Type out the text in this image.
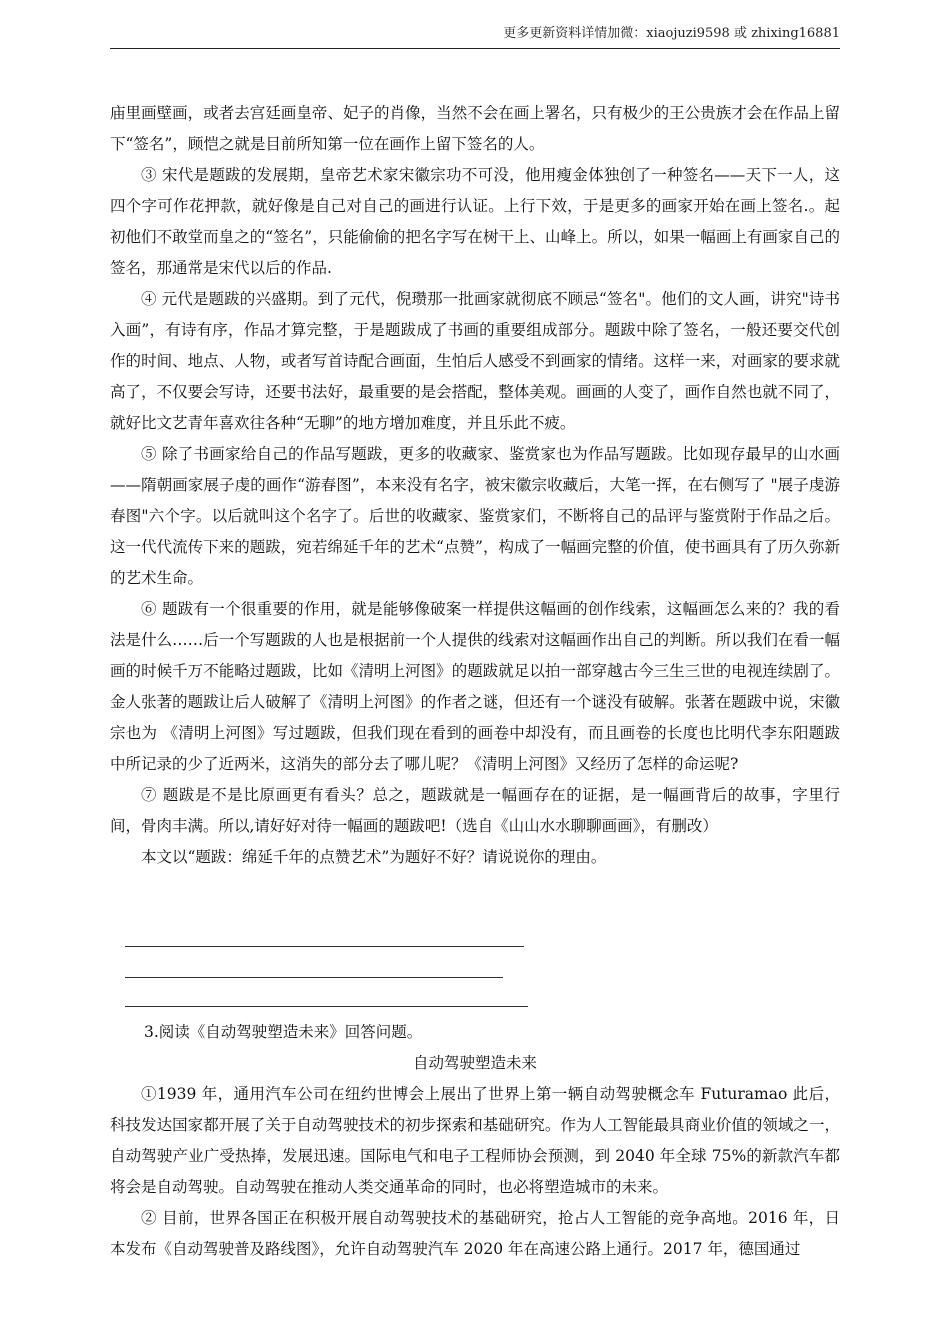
更多更新资料详情加微：xiaojuzi9598 或 zhixing16881

庙里画壁画，或者去宫廷画皇帝、妃子的肖像，当然不会在画上署名，只有极少的王公贵族才会在作品上留下“签名”，顾恺之就是目前所知第一位在画作上留下签名的人。

③ 宋代是题跋的发展期，皇帝艺术家宋徽宗功不可没，他用瘦金体独创了一种签名——天下一人，这四个字可作花押款，就好像是自己对自己的画进行认证。上行下效，于是更多的画家开始在画上签名.。起初他们不敢堂而皇之的“签名”，只能偷偷的把名字写在树干上、山峰上。所以，如果一幅画上有画家自己的签名，那通常是宋代以后的作品.

④ 元代是题跋的兴盛期。到了元代，倪瓒那一批画家就彻底不顾忌“签名"。他们的文人画，讲究"诗书入画”，有诗有序，作品才算完整，于是题跋成了书画的重要组成部分。题跋中除了签名，一般还要交代创作的时间、地点、人物，或者写首诗配合画面，生怕后人感受不到画家的情绪。这样一来，对画家的要求就高了，不仅要会写诗，还要书法好，最重要的是会搭配，整体美观。画画的人变了，画作自然也就不同了，就好比文艺青年喜欢往各种“无聊”的地方增加难度，并且乐此不疲。

⑤ 除了书画家给自己的作品写题跋，更多的收藏家、鉴赏家也为作品写题跋。比如现存最早的山水画——隋朝画家展子虔的画作“游春图”，本来没有名字，被宋徽宗收藏后，大笔一挥，在右侧写了 "展子虔游春图"六个字。以后就叫这个名字了。后世的收藏家、鉴赏家们，不断将自己的品评与鉴赏附于作品之后。这一代代流传下来的题跋，宛若绵延千年的艺术“点赞”，构成了一幅画完整的价值，使书画具有了历久弥新的艺术生命。

⑥ 题跋有一个很重要的作用，就是能够像破案一样提供这幅画的创作线索，这幅画怎么来的？我的看法是什么……后一个写题跋的人也是根据前一个人提供的线索对这幅画作出自己的判断。所以我们在看一幅画的时候千万不能略过题跋，比如《清明上河图》的题跋就足以拍一部穿越古今三生三世的电视连续剧了。金人张著的题跋让后人破解了《清明上河图》的作者之谜，但还有一个谜没有破解。张著在题跋中说，宋徽宗也为 《清明上河图》写过题跋，但我们现在看到的画卷中却没有，而且画卷的长度也比明代李东阳题跋中所记录的少了近两米，这消失的部分去了哪儿呢？《清明上河图》又经历了怎样的命运呢?

⑦ 题跋是不是比原画更有看头？总之，题跋就是一幅画存在的证据，是一幅画背后的故事，字里行间，骨肉丰满。所以,请好好对待一幅画的题跋吧!（选自《山山水水聊聊画画》，有删改）

本文以“题跋：绵延千年的点赞艺术”为题好不好？请说说你的理由。

3.阅读《自动驾驶塑造未来》回答问题。

自动驾驶塑造未来

①1939 年，通用汽车公司在纽约世博会上展出了世界上第一辆自动驾驶概念车 Futuramao 此后，科技发达国家都开展了关于自动驾驶技术的初步探索和基础研究。作为人工智能最具商业价值的领域之一，自动驾驶产业广受热捧，发展迅速。国际电气和电子工程师协会预测，到 2040 年全球 75%的新款汽车都将会是自动驾驶。自动驾驶在推动人类交通革命的同时，也必将塑造城市的未来。

② 目前，世界各国正在积极开展自动驾驶技术的基础研究，抢占人工智能的竞争高地。2016 年，日本发布《自动驾驶普及路线图》，允许自动驾驶汽车 2020 年在高速公路上通行。2017 年，德国通过
